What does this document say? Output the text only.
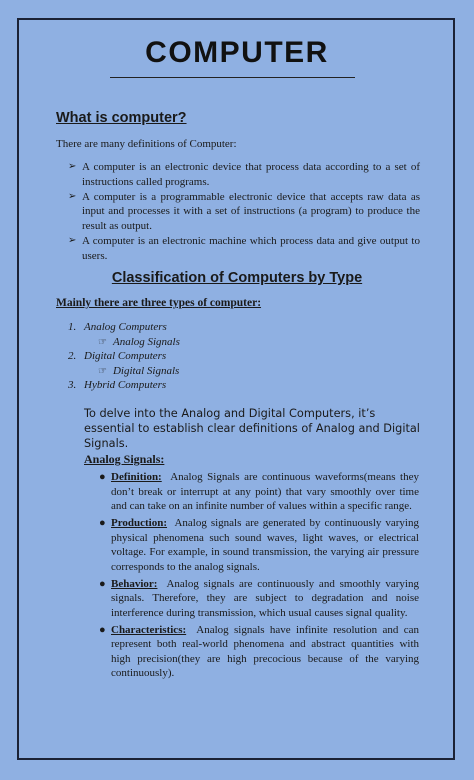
COMPUTER
What is computer?
There are many definitions of Computer:
➢ A computer is an electronic device that process data according to a set of instructions called programs.
➢ A computer is a programmable electronic device that accepts raw data as input and processes it with a set of instructions (a program) to produce the result as output.
➢ A computer is an electronic machine which process data and give output to users.
Classification of Computers by Type
Mainly there are three types of computer:
1. Analog Computers
☞ Analog Signals
2. Digital Computers
☞ Digital Signals
3. Hybrid Computers
To delve into the Analog and Digital Computers, it’s essential to establish clear definitions of Analog and Digital Signals.
Analog Signals:
● Definition: Analog Signals are continuous waveforms(means they don’t break or interrupt at any point) that vary smoothly over time and can take on an infinite number of values within a specific range.
● Production: Analog signals are generated by continuously varying physical phenomena such sound waves, light waves, or electrical voltage. For example, in sound transmission, the varying air pressure corresponds to the analog signals.
● Behavior: Analog signals are continuously and smoothly varying signals. Therefore, they are subject to degradation and noise interference during transmission, which usual causes signal quality.
● Characteristics: Analog signals have infinite resolution and can represent both real-world phenomena and abstract quantities with high precision(they are high precocious because of the varying continuously).
